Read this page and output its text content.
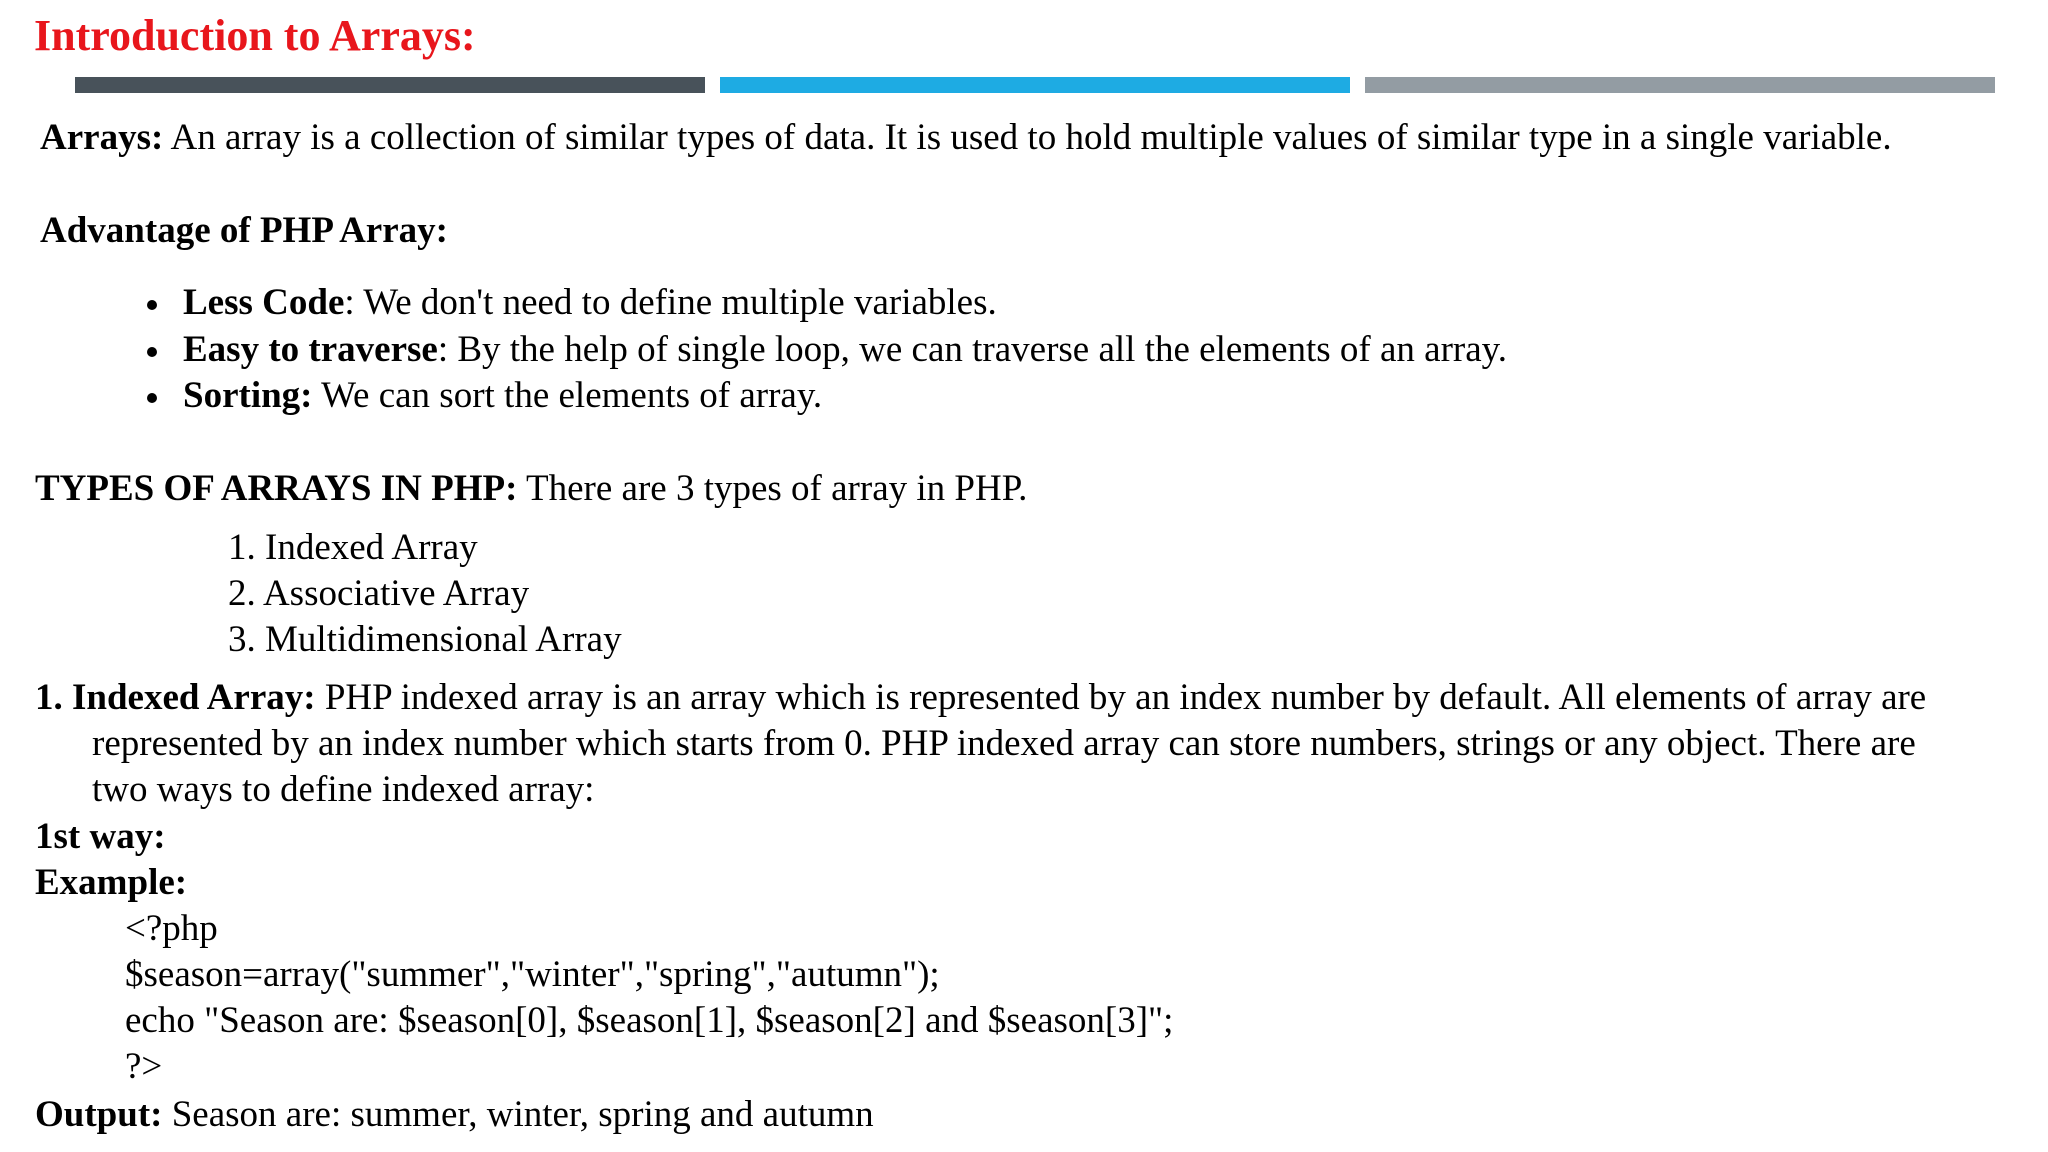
Introduction to Arrays:
Arrays: An array is a collection of similar types of data. It is used to hold multiple values of similar type in a single variable.
Advantage of PHP Array:
Less Code: We don't need to define multiple variables.
Easy to traverse: By the help of single loop, we can traverse all the elements of an array.
Sorting: We can sort the elements of array.
TYPES OF ARRAYS IN PHP: There are 3 types of array in PHP.
1. Indexed Array
2. Associative Array
3. Multidimensional Array
1. Indexed Array: PHP indexed array is an array which is represented by an index number by default. All elements of array are
represented by an index number which starts from 0. PHP indexed array can store numbers, strings or any object. There are
two ways to define indexed array:
1st way:
Example:
<?php
$season=array("summer","winter","spring","autumn");
echo "Season are: $season[0], $season[1], $season[2] and $season[3]";
?>
Output: Season are: summer, winter, spring and autumn
